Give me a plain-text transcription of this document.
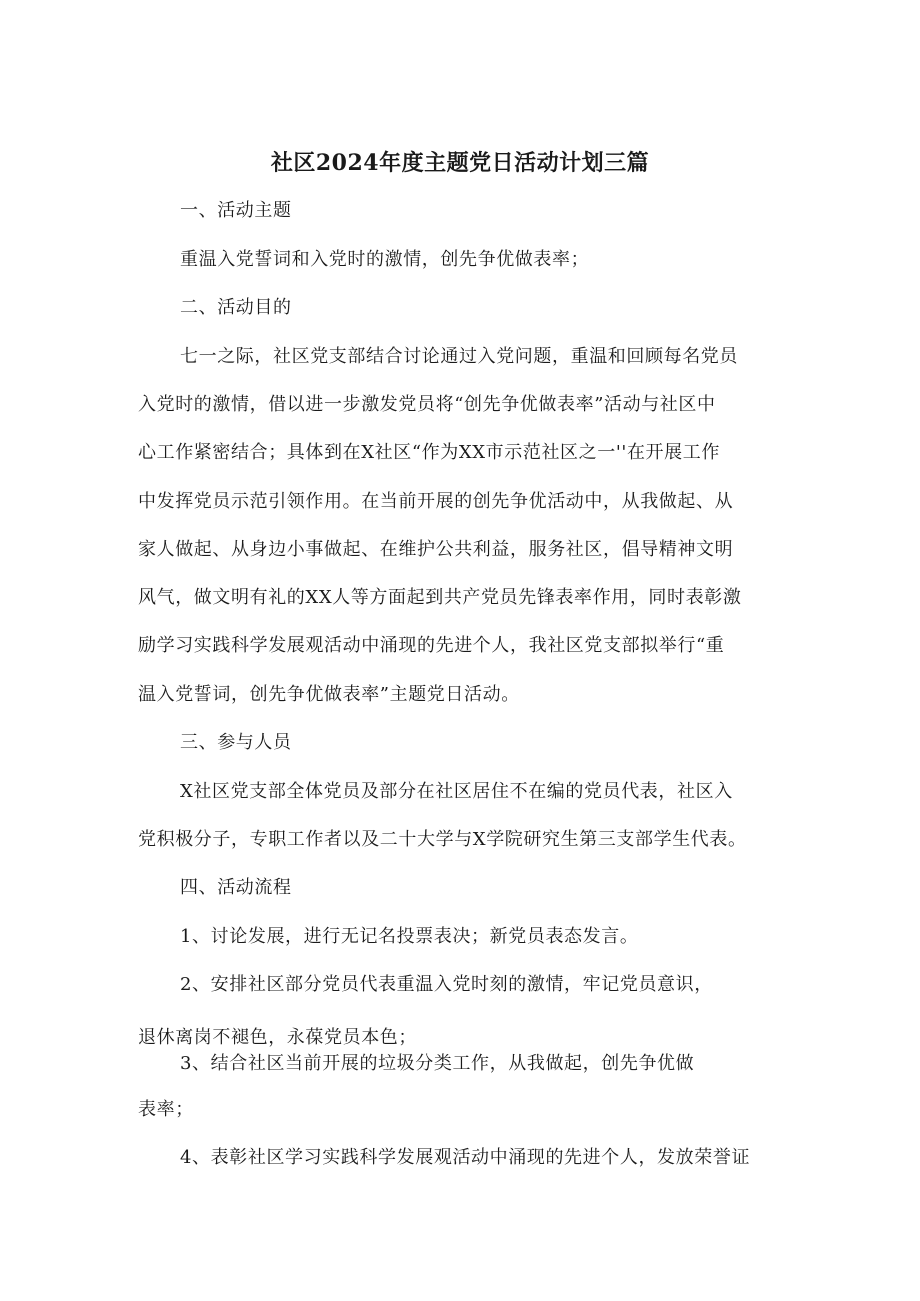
社区2024年度主题党日活动计划三篇
一、活动主题
重温入党誓词和入党时的激情，创先争优做表率；
二、活动目的
七一之际，社区党支部结合讨论通过入党问题，重温和回顾每名党员
入党时的激情，借以进一步激发党员将“创先争优做表率”活动与社区中
心工作紧密结合；具体到在X社区“作为XX市示范社区之一''在开展工作
中发挥党员示范引领作用。在当前开展的创先争优活动中，从我做起、从
家人做起、从身边小事做起、在维护公共利益，服务社区，倡导精神文明
风气，做文明有礼的XX人等方面起到共产党员先锋表率作用，同时表彰激
励学习实践科学发展观活动中涌现的先进个人，我社区党支部拟举行“重
温入党誓词，创先争优做表率”主题党日活动。
三、参与人员
X社区党支部全体党员及部分在社区居住不在编的党员代表，社区入
党积极分子，专职工作者以及二十大学与X学院研究生第三支部学生代表。
四、活动流程
1、讨论发展，进行无记名投票表决；新党员表态发言。
2、安排社区部分党员代表重温入党时刻的激情，牢记党员意识，
退休离岗不褪色，永葆党员本色；
3、结合社区当前开展的垃圾分类工作，从我做起，创先争优做
表率；
4、表彰社区学习实践科学发展观活动中涌现的先进个人，发放荣誉证
